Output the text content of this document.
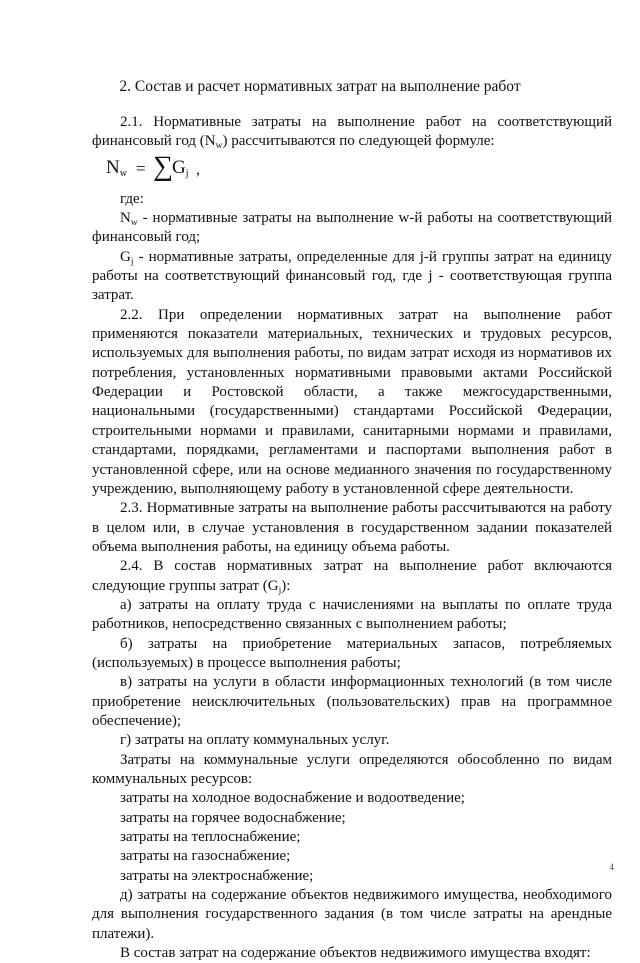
2. Состав и расчет нормативных затрат на выполнение работ

2.1. Нормативные затраты на выполнение работ на соответствующий финансовый год $(N_w)$ рассчитываются по следующей формуле:

$N_w$ = ∑ $G_j$ ,

где:

$N_w$ - нормативные затраты на выполнение w-й работы на соответствующий финансовый год;

$G_j$ - нормативные затраты, определенные для j-й группы затрат на единицу работы на соответствующий финансовый год, где j - соответствующая группа затрат.

2.2. При определении нормативных затрат на выполнение работ применяются показатели материальных, технических и трудовых ресурсов, используемых для выполнения работы, по видам затрат исходя из нормативов их потребления, установленных нормативными правовыми актами Российской Федерации и Ростовской области, а также межгосударственными, национальными (государственными) стандартами Российской Федерации, строительными нормами и правилами, санитарными нормами и правилами, стандартами, порядками, регламентами и паспортами выполнения работ в установленной сфере, или на основе медианного значения по государственному учреждению, выполняющему работу в установленной сфере деятельности.

2.3. Нормативные затраты на выполнение работы рассчитываются на работу в целом или, в случае установления в государственном задании показателей объема выполнения работы, на единицу объема работы.

2.4. В состав нормативных затрат на выполнение работ включаются следующие группы затрат $(G_j)$:

а) затраты на оплату труда с начислениями на выплаты по оплате труда работников, непосредственно связанных с выполнением работы;

б) затраты на приобретение материальных запасов, потребляемых (используемых) в процессе выполнения работы;

в) затраты на услуги в области информационных технологий (в том числе приобретение неисключительных (пользовательских) прав на программное обеспечение);

г) затраты на оплату коммунальных услуг.

Затраты на коммунальные услуги определяются обособленно по видам коммунальных ресурсов:

затраты на холодное водоснабжение и водоотведение;

затраты на горячее водоснабжение;

затраты на теплоснабжение;

затраты на газоснабжение;

затраты на электроснабжение;

д) затраты на содержание объектов недвижимого имущества, необходимого для выполнения государственного задания (в том числе затраты на арендные платежи).

В состав затрат на содержание объектов недвижимого имущества входят:

4
